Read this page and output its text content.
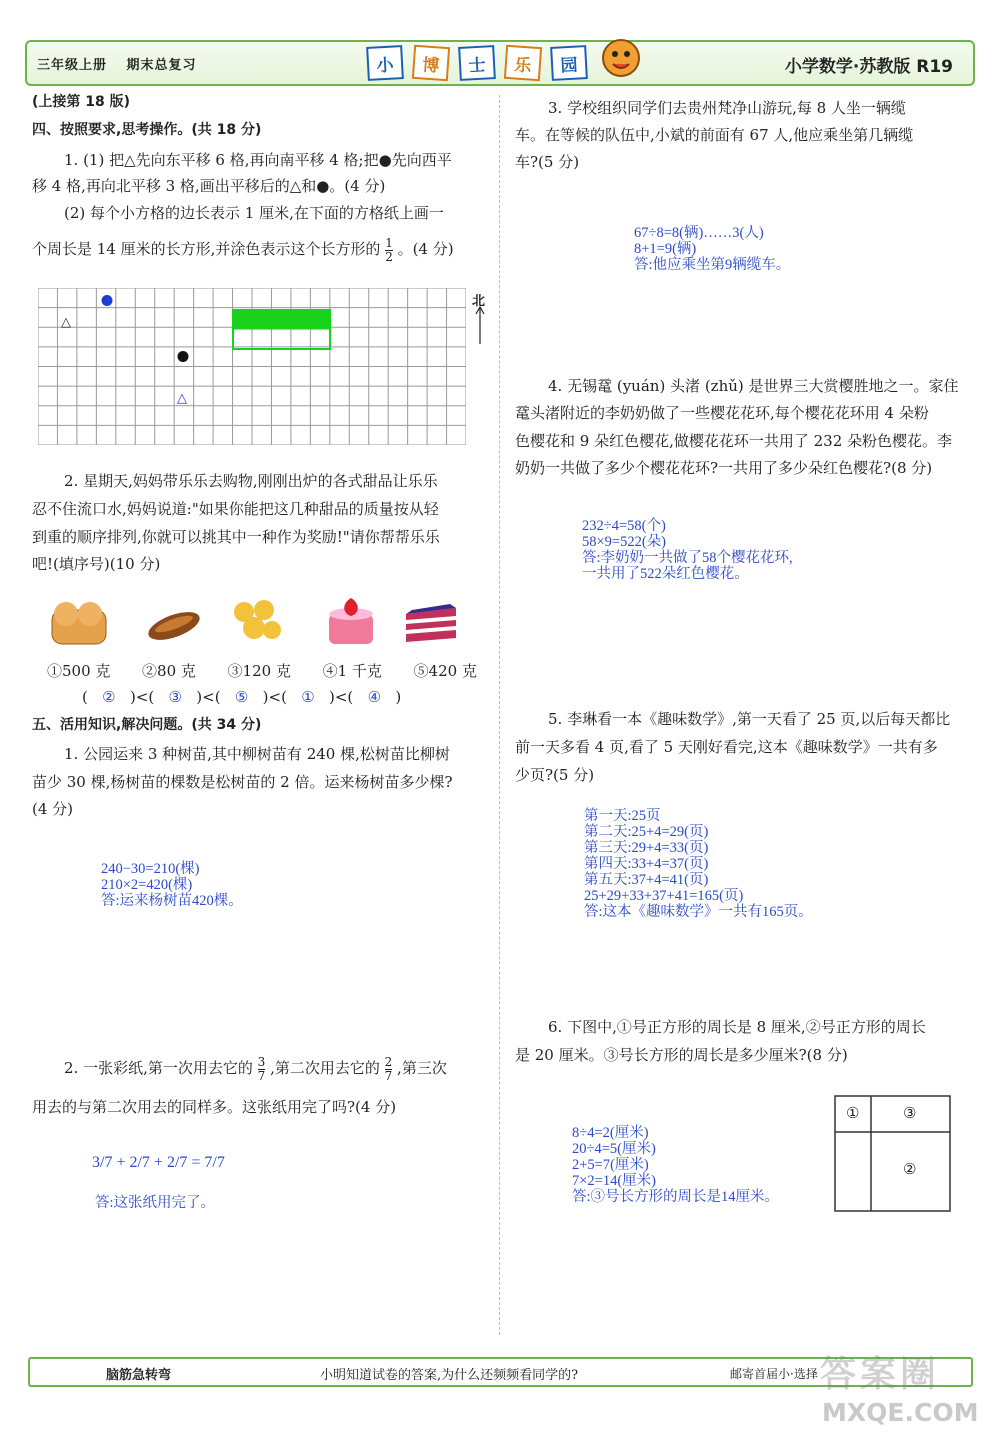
三年级上册 期末总复习	小	博	士	乐	园	小学数学·苏教版 R19
(上接第 18 版)
四、按照要求,思考操作。(共 18 分)
1. (1) 把△先向东平移 6 格,再向南平移 4 格;把●先向西平
移 4 格,再向北平移 3 格,画出平移后的△和●。(4 分)
(2) 每个小方格的边长表示 1 厘米,在下面的方格纸上画一
个周长是 14 厘米的长方形,并涂色表示这个长方形的 $\frac{1}{2}$ 。(4 分)
△
△
北
2. 星期天,妈妈带乐乐去购物,刚刚出炉的各式甜品让乐乐
忍不住流口水,妈妈说道:"如果你能把这几种甜品的质量按从轻
到重的顺序排列,你就可以挑其中一种作为奖励!"请你帮帮乐乐
吧!(填序号)(10 分)
①500 克 ②80 克 ③120 克 ④1 千克 ⑤420 克
( ② )<( ③ )<( ⑤ )<( ① )<( ④ )
五、活用知识,解决问题。(共 34 分)
1. 公园运来 3 种树苗,其中柳树苗有 240 棵,松树苗比柳树
苗少 30 棵,杨树苗的棵数是松树苗的 2 倍。运来杨树苗多少棵?
(4 分)
240−30=210(棵)
210×2=420(棵)
答:运来杨树苗420棵。
2. 一张彩纸,第一次用去它的 $\frac{3}{7}$ ,第二次用去它的 $\frac{2}{7}$ ,第三次
用去的与第二次用去的同样多。这张纸用完了吗?(4 分)
3/7 + 2/7 + 2/7 = 7/7
答:这张纸用完了。
3. 学校组织同学们去贵州梵净山游玩,每 8 人坐一辆缆
车。在等候的队伍中,小斌的前面有 67 人,他应乘坐第几辆缆
车?(5 分)
67÷8=8(辆)……3(人)
8+1=9(辆)
答:他应乘坐第9辆缆车。
4. 无锡鼋 (yuán) 头渚 (zhǔ) 是世界三大赏樱胜地之一。家住
鼋头渚附近的李奶奶做了一些樱花花环,每个樱花花环用 4 朵粉
色樱花和 9 朵红色樱花,做樱花花环一共用了 232 朵粉色樱花。李
奶奶一共做了多少个樱花花环?一共用了多少朵红色樱花?(8 分)
232÷4=58(个)
58×9=522(朵)
答:李奶奶一共做了58个樱花花环,
一共用了522朵红色樱花。
5. 李琳看一本《趣味数学》,第一天看了 25 页,以后每天都比
前一天多看 4 页,看了 5 天刚好看完,这本《趣味数学》一共有多
少页?(5 分)
第一天:25页
第二天:25+4=29(页)
第三天:29+4=33(页)
第四天:33+4=37(页)
第五天:37+4=41(页)
25+29+33+37+41=165(页)
答:这本《趣味数学》一共有165页。
6. 下图中,①号正方形的周长是 8 厘米,②号正方形的周长
是 20 厘米。③号长方形的周长是多少厘米?(8 分)
8÷4=2(厘米)
20÷4=5(厘米)
2+5=7(厘米)
7×2=14(厘米)
答:③号长方形的周长是14厘米。
①	③
②
脑筋急转弯	小明知道试卷的答案,为什么还频频看同学的?	邮寄首届小·选择 答案圈
MXQE.COM
